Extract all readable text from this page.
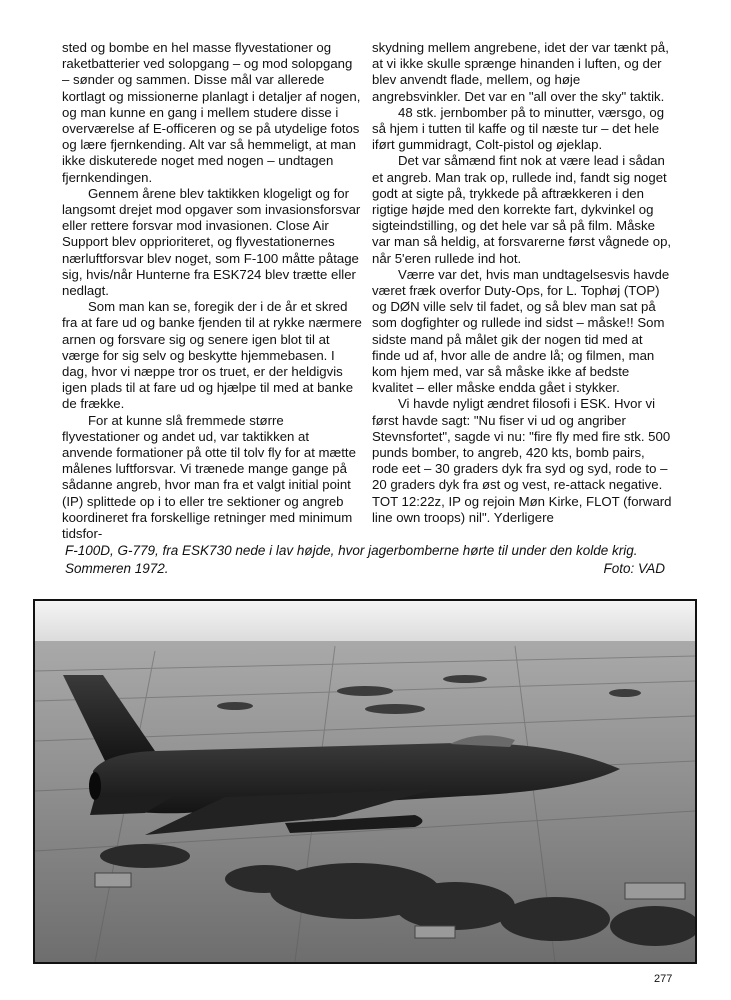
sted og bombe en hel masse flyvestationer og raketbatterier ved solopgang – og mod solopgang – sønder og sammen. Disse mål var allerede kortlagt og missionerne planlagt i detaljer af nogen, og man kunne en gang i mellem studere disse i overværelse af E-officeren og se på utydelige fotos og lære fjernkending. Alt var så hemmeligt, at man ikke diskuterede noget med nogen – undtagen fjernkendingen.

Gennem årene blev taktikken klogeligt og for langsomt drejet mod opgaver som invasionsforsvar eller rettere forsvar mod invasionen. Close Air Support blev opprioriteret, og flyvestationernes nærluftforsvar blev noget, som F-100 måtte påtage sig, hvis/når Hunterne fra ESK724 blev trætte eller nedlagt.

Som man kan se, foregik der i de år et skred fra at fare ud og banke fjenden til at rykke nærmere arnen og forsvare sig og senere igen blot til at værge for sig selv og beskytte hjemmebasen. I dag, hvor vi næppe tror os truet, er der heldigvis igen plads til at fare ud og hjælpe til med at banke de frække.

For at kunne slå fremmede større flyvestationer og andet ud, var taktikken at anvende formationer på otte til tolv fly for at mætte målenes luftforsvar. Vi trænede mange gange på sådanne angreb, hvor man fra et valgt initial point (IP) splittede op i to eller tre sektioner og angreb koordineret fra forskellige retninger med minimum tidsfor-

skydning mellem angrebene, idet der var tænkt på, at vi ikke skulle sprænge hinanden i luften, og der blev anvendt flade, mellem, og høje angrebsvinkler. Det var en "all over the sky" taktik.

48 stk. jernbomber på to minutter, værsgo, og så hjem i tutten til kaffe og til næste tur – det hele iført gummidragt, Colt-pistol og øjeklap.

Det var såmænd fint nok at være lead i sådan et angreb. Man trak op, rullede ind, fandt sig noget godt at sigte på, trykkede på aftrækkeren i den rigtige højde med den korrekte fart, dykvinkel og sigteindstilling, og det hele var så på film. Måske var man så heldig, at forsvarerne først vågnede op, når 5'eren rullede ind hot.

Værre var det, hvis man undtagelsesvis havde været fræk overfor Duty-Ops, for L. Tophøj (TOP) og DØN ville selv til fadet, og så blev man sat på som dogfighter og rullede ind sidst – måske!! Som sidste mand på målet gik der nogen tid med at finde ud af, hvor alle de andre lå; og filmen, man kom hjem med, var så måske ikke af bedste kvalitet – eller måske endda gået i stykker.

Vi havde nyligt ændret filosofi i ESK. Hvor vi først havde sagt: "Nu fiser vi ud og angriber Stevnsfortet", sagde vi nu: "fire fly med fire stk. 500 punds bomber, to angreb, 420 kts, bomb pairs, rode eet – 30 graders dyk fra syd og syd, rode to – 20 graders dyk fra øst og vest, re-attack negative. TOT 12:22z, IP og rejoin Møn Kirke, FLOT (forward line own troops) nil". Yderligere

F-100D, G-779, fra ESK730 nede i lav højde, hvor jagerbomberne hørte til under den kolde krig.
Sommeren 1972.	Foto: VAD
277
